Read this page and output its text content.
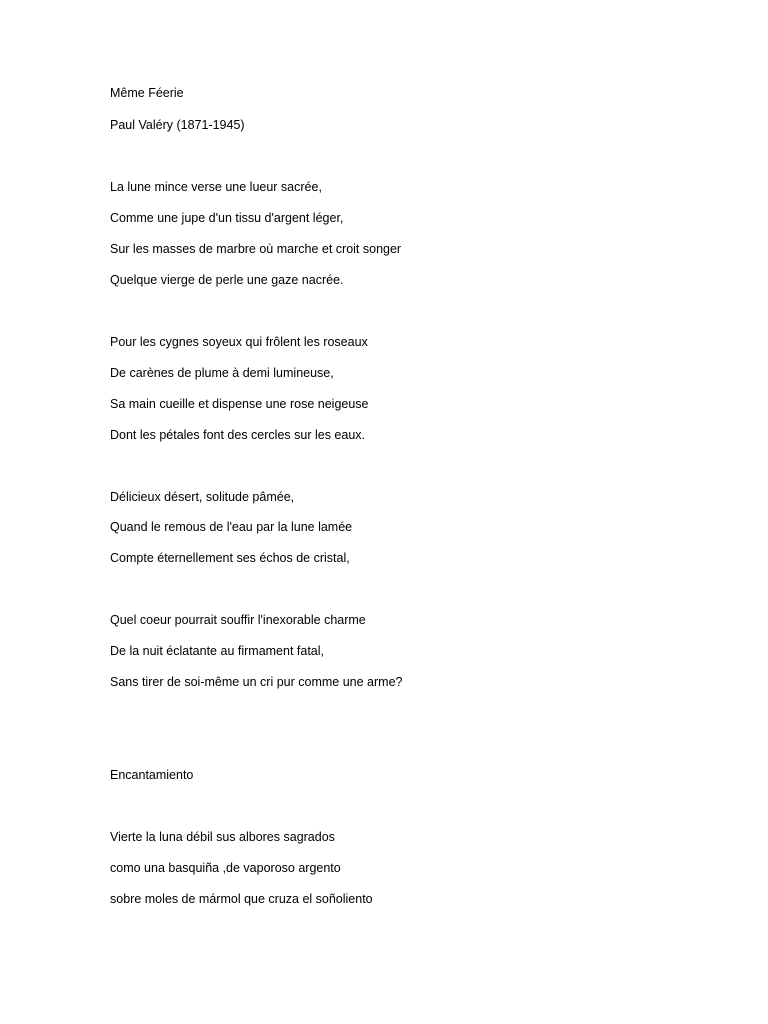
Même Féerie
Paul Valéry (1871-1945)
La lune mince verse une lueur sacrée,
Comme une jupe d'un tissu d'argent léger,
Sur les masses de marbre où marche et croit songer
Quelque vierge de perle une gaze nacrée.
Pour les cygnes soyeux qui frôlent les roseaux
De carènes de plume à demi lumineuse,
Sa main cueille et dispense une rose neigeuse
Dont les pétales font des cercles sur les eaux.
Délicieux désert, solitude pâmée,
Quand le remous de l'eau par la lune lamée
Compte éternellement ses échos de cristal,
Quel coeur pourrait souffir l'inexorable charme
De la nuit éclatante au firmament fatal,
Sans tirer de soi-même un cri pur comme une arme?
Encantamiento
Vierte la luna débil sus albores sagrados
como una basquiña ,de vaporoso argento
sobre moles de mármol que cruza el soñoliento
